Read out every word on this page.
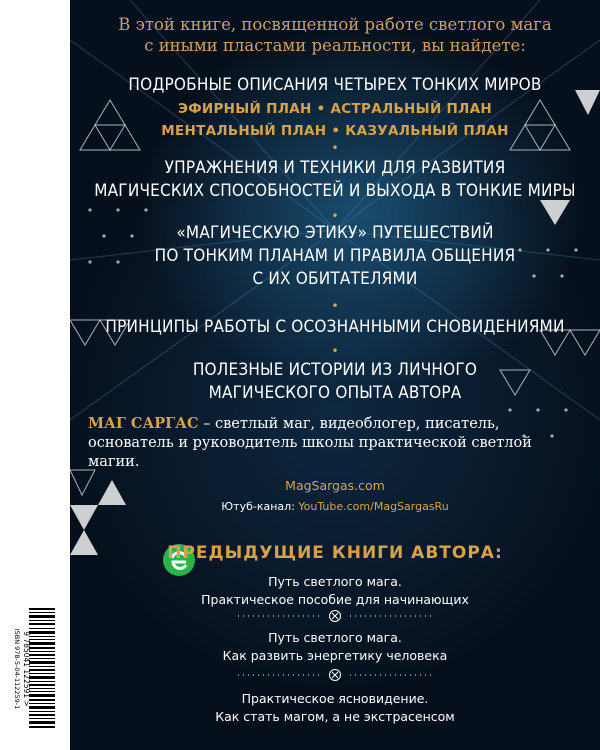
В этой книге, посвященной работе светлого мага
с иными пластами реальности, вы найдете:
ПОДРОБНЫЕ ОПИСАНИЯ ЧЕТЫРЕХ ТОНКИХ МИРОВ
ЭФИРНЫЙ ПЛАН • АСТРАЛЬНЫЙ ПЛАН
МЕНТАЛЬНЫЙ ПЛАН • КАЗУАЛЬНЫЙ ПЛАН
•
УПРАЖНЕНИЯ И ТЕХНИКИ ДЛЯ РАЗВИТИЯ
МАГИЧЕСКИХ СПОСОБНОСТЕЙ И ВЫХОДА В ТОНКИЕ МИРЫ
•
«МАГИЧЕСКУЮ ЭТИКУ» ПУТЕШЕСТВИЙ
ПО ТОНКИМ ПЛАНАМ И ПРАВИЛА ОБЩЕНИЯ
С ИХ ОБИТАТЕЛЯМИ
•
ПРИНЦИПЫ РАБОТЫ С ОСОЗНАННЫМИ СНОВИДЕНИЯМИ
•
ПОЛЕЗНЫЕ ИСТОРИИ ИЗ ЛИЧНОГО
МАГИЧЕСКОГО ОПЫТА АВТОРА
МАГ САРГАС – светлый маг, видеоблогер, писатель, основатель и руководитель школы практической светлой магии.
MagSargas.com
Ютуб-канал: YouTube.com/MagSargasRu
ПРЕДЫДУЩИЕ КНИГИ АВТОРА:
Путь светлого мага.
Практическое пособие для начинающих
Путь светлого мага.
Как развить энергетику человека
Практическое ясновидение.
Как стать магом, а не экстрасенсом
ISBN 978-5-04-112259-1 9 785041 122591 >
